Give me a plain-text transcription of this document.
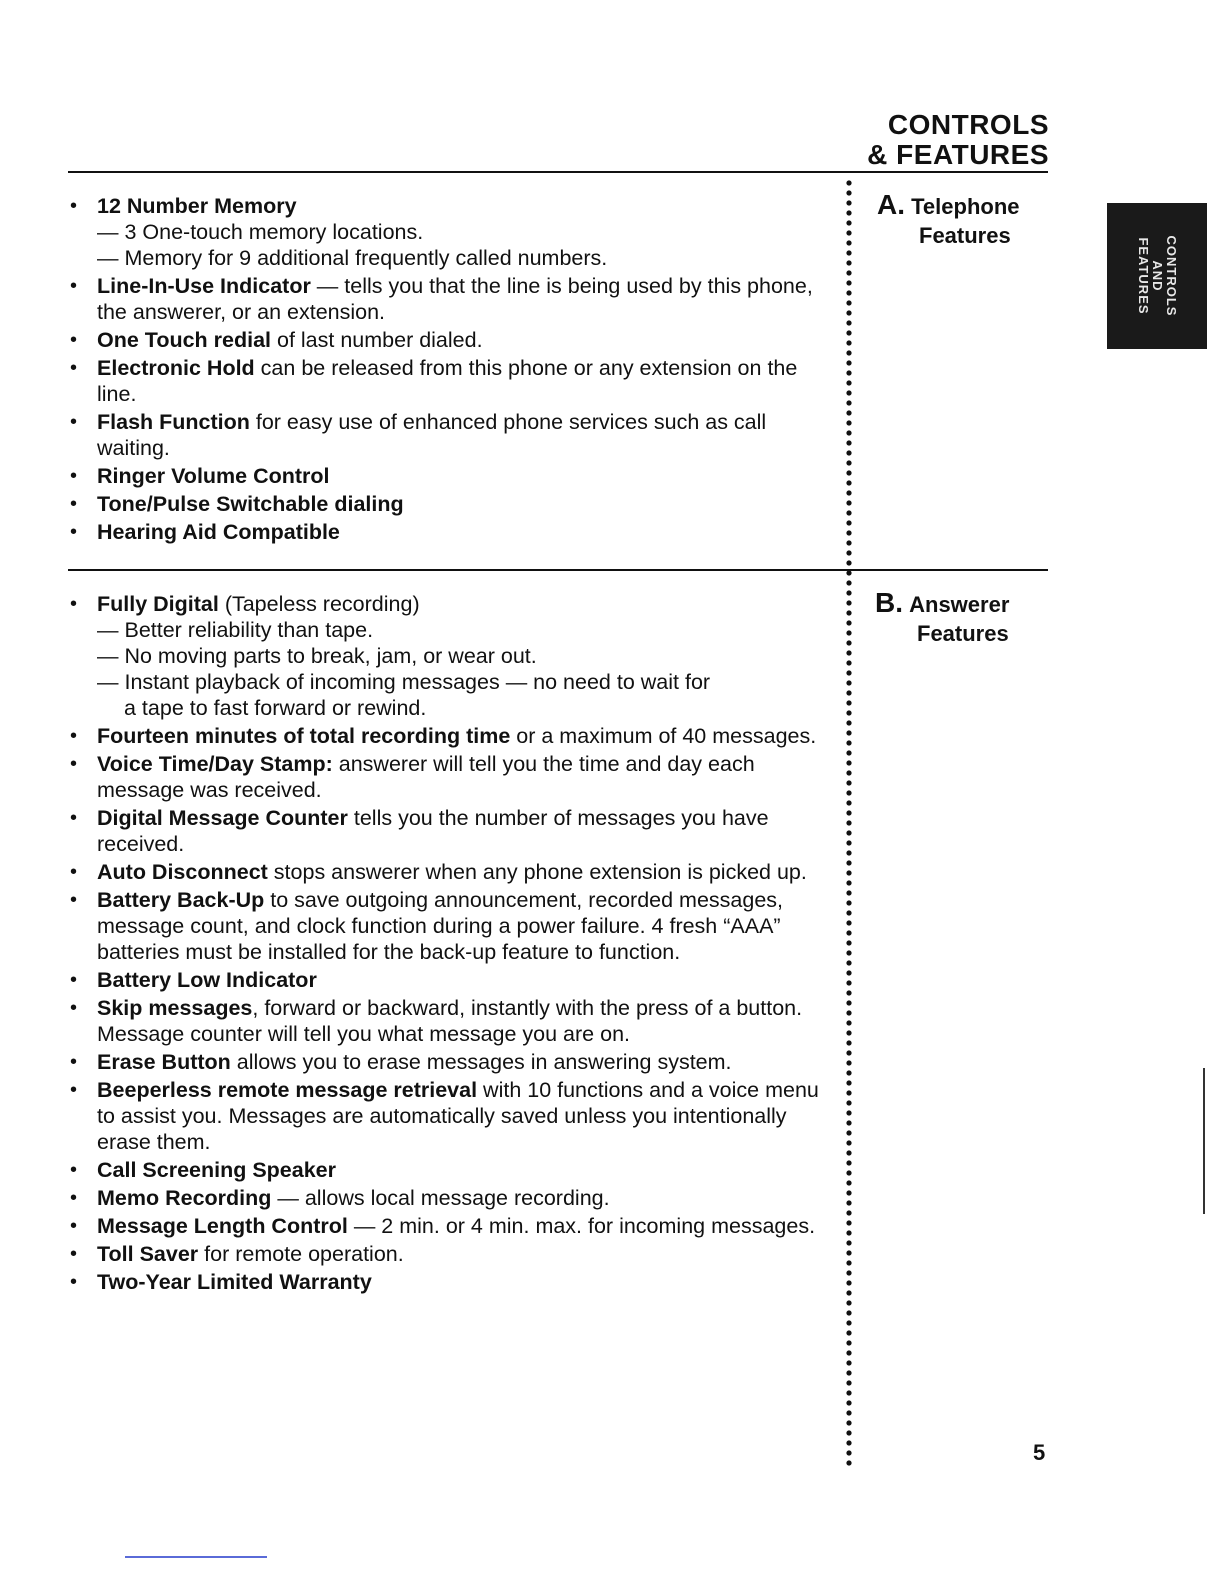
CONTROLS
& FEATURES
CONTROLS
AND
FEATURES
A. Telephone
Features
B. Answerer
Features
• 12 Number Memory
— 3 One-touch memory locations.
— Memory for 9 additional frequently called numbers.
• Line-In-Use Indicator — tells you that the line is being used by this phone, the answerer, or an extension.
• One Touch redial of last number dialed.
• Electronic Hold can be released from this phone or any extension on the line.
• Flash Function for easy use of enhanced phone services such as call waiting.
• Ringer Volume Control
• Tone/Pulse Switchable dialing
• Hearing Aid Compatible
• Fully Digital (Tapeless recording)
— Better reliability than tape.
— No moving parts to break, jam, or wear out.
— Instant playback of incoming messages — no need to wait for
a tape to fast forward or rewind.
• Fourteen minutes of total recording time or a maximum of 40 messages.
• Voice Time/Day Stamp: answerer will tell you the time and day each message was received.
• Digital Message Counter tells you the number of messages you have received.
• Auto Disconnect stops answerer when any phone extension is picked up.
• Battery Back-Up to save outgoing announcement, recorded messages, message count, and clock function during a power failure. 4 fresh “AAA” batteries must be installed for the back-up feature to function.
• Battery Low Indicator
• Skip messages, forward or backward, instantly with the press of a button. Message counter will tell you what message you are on.
• Erase Button allows you to erase messages in answering system.
• Beeperless remote message retrieval with 10 functions and a voice menu to assist you. Messages are automatically saved unless you intentionally erase them.
• Call Screening Speaker
• Memo Recording — allows local message recording.
• Message Length Control — 2 min. or 4 min. max. for incoming messages.
• Toll Saver for remote operation.
• Two-Year Limited Warranty
5
